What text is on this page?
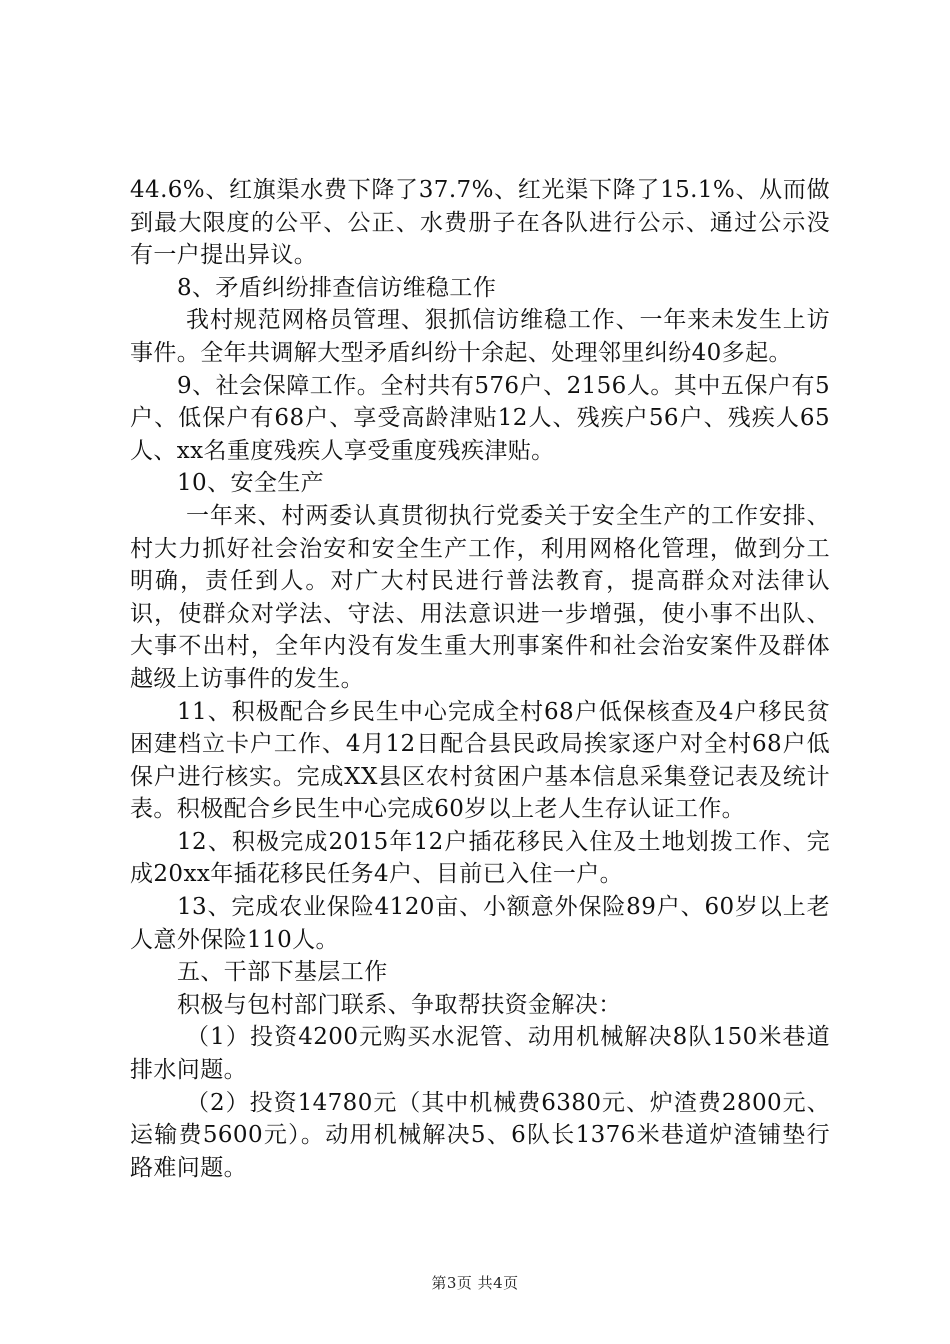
44.6%、红旗渠水费下降了37.7%、红光渠下降了15.1%、从而做到最大限度的公平、公正、水费册子在各队进行公示、通过公示没有一户提出异议。

8、矛盾纠纷排查信访维稳工作

我村规范网格员管理、狠抓信访维稳工作、一年来未发生上访事件。全年共调解大型矛盾纠纷十余起、处理邻里纠纷40多起。

9、社会保障工作。全村共有576户、2156人。其中五保户有5户、低保户有68户、享受高龄津贴12人、残疾户56户、残疾人65人、xx名重度残疾人享受重度残疾津贴。

10、安全生产

一年来、村两委认真贯彻执行党委关于安全生产的工作安排、村大力抓好社会治安和安全生产工作，利用网格化管理，做到分工明确，责任到人。对广大村民进行普法教育，提高群众对法律认识，使群众对学法、守法、用法意识进一步增强，使小事不出队、大事不出村，全年内没有发生重大刑事案件和社会治安案件及群体越级上访事件的发生。

11、积极配合乡民生中心完成全村68户低保核查及4户移民贫困建档立卡户工作、4月12日配合县民政局挨家逐户对全村68户低保户进行核实。完成XX县区农村贫困户基本信息采集登记表及统计表。积极配合乡民生中心完成60岁以上老人生存认证工作。

12、积极完成2015年12户插花移民入住及土地划拨工作、完成20xx年插花移民任务4户、目前已入住一户。

13、完成农业保险4120亩、小额意外保险89户、60岁以上老人意外保险110人。

五、干部下基层工作

积极与包村部门联系、争取帮扶资金解决：

（1）投资4200元购买水泥管、动用机械解决8队150米巷道排水问题。

（2）投资14780元（其中机械费6380元、炉渣费2800元、运输费5600元）。动用机械解决5、6队长1376米巷道炉渣铺垫行路难问题。

第3页 共4页
